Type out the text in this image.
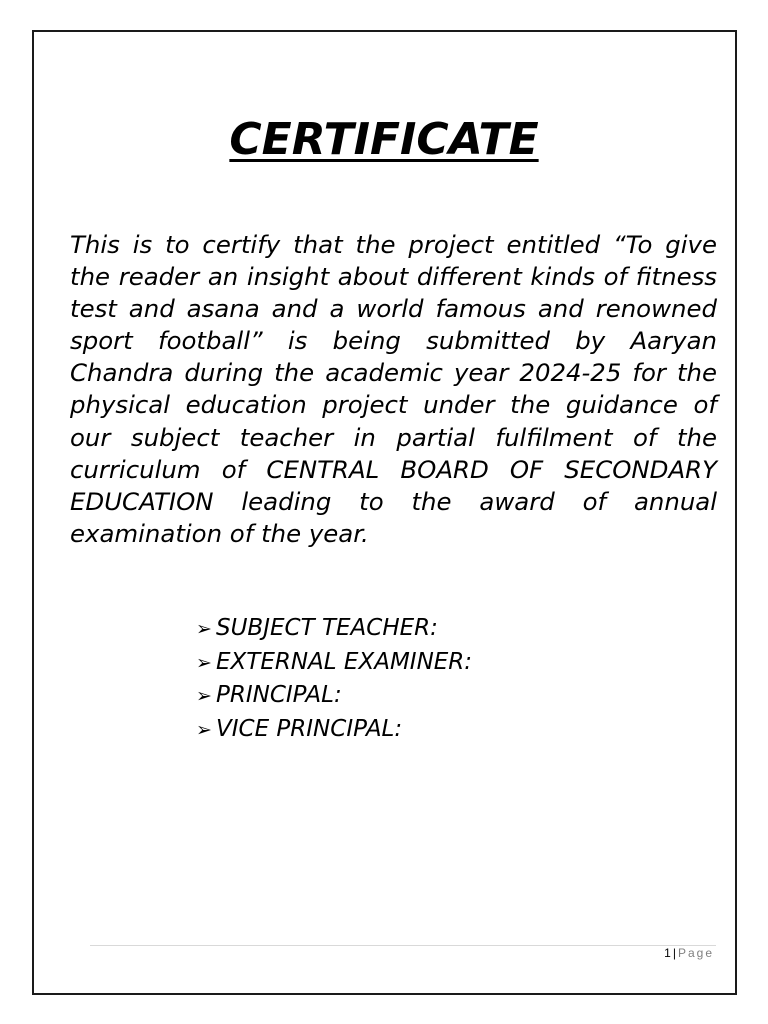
CERTIFICATE

This is to certify that the project entitled “To give the reader an insight about different kinds of fitness test and asana and a world famous and renowned sport football” is being submitted by Aaryan Chandra during the academic year 2024-25 for the physical education project under the guidance of our subject teacher in partial fulfilment of the curriculum of CENTRAL BOARD OF SECONDARY EDUCATION leading to the award of annual examination of the year.

➢ SUBJECT TEACHER:
➢ EXTERNAL EXAMINER:
➢ PRINCIPAL:
➢ VICE PRINCIPAL:
1 | Page
